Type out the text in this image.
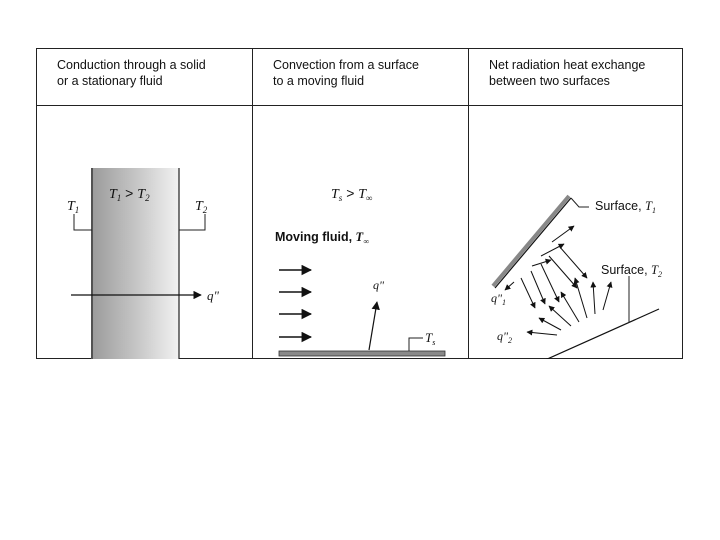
Conduction through a solid
or a stationary fluid
Convection from a surface
to a moving fluid
Net radiation heat exchange
between two surfaces
$T_1$	$T_2$
$T_1 > T_2$
q"
$T_s > T_\infty$
Moving fluid, $T_\infty$
q"
$T_s$
Surface, $T_1$
Surface, $T_2$
$q"_1$
$q"_2$
